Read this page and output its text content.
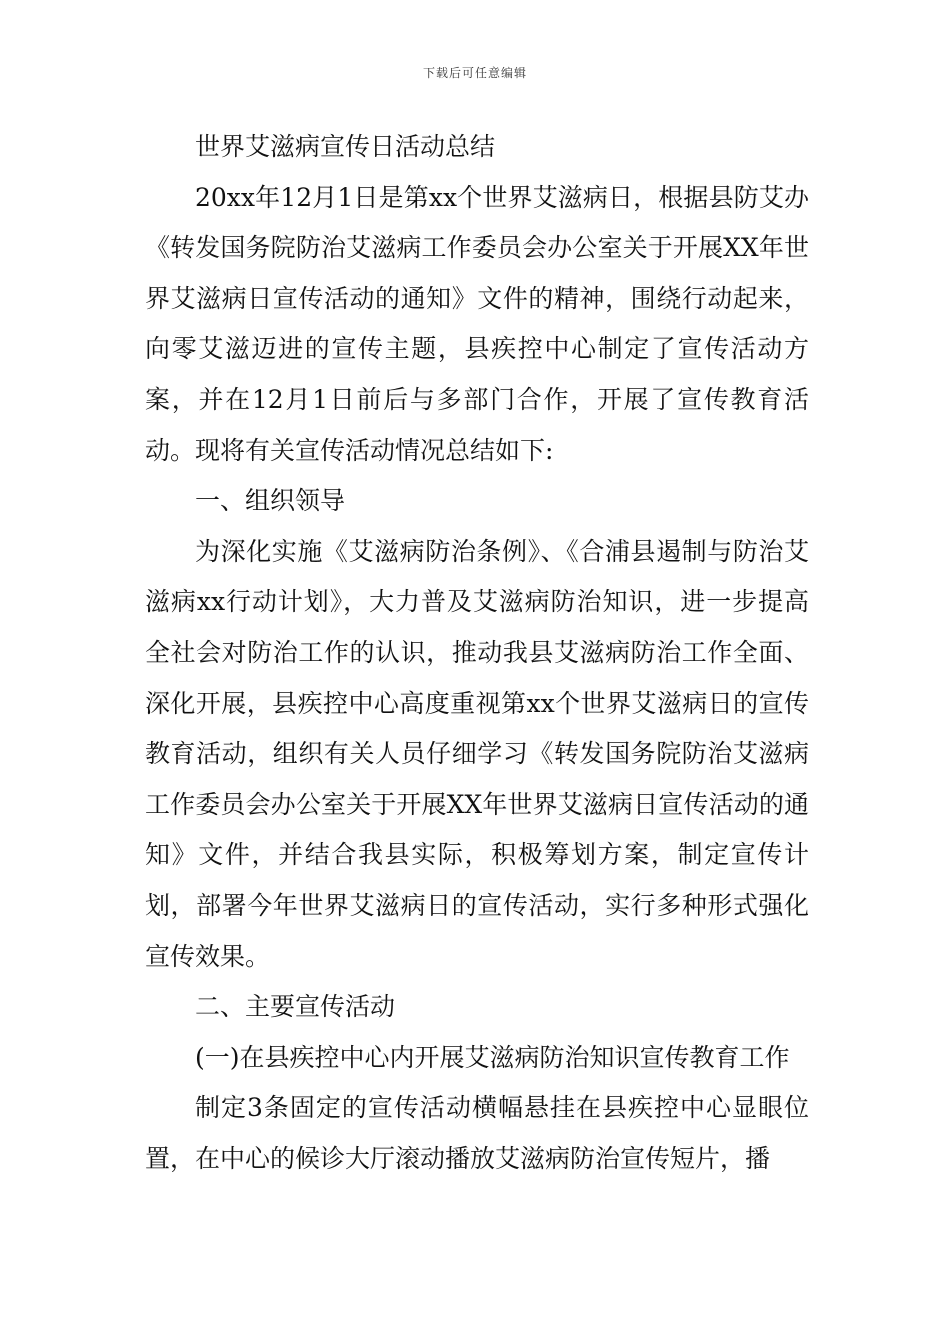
下载后可任意编辑

世界艾滋病宣传日活动总结

20xx年12月1日是第xx个世界艾滋病日，根据县防艾办《转发国务院防治艾滋病工作委员会办公室关于开展XX年世界艾滋病日宣传活动的通知》文件的精神，围绕行动起来，向零艾滋迈进的宣传主题，县疾控中心制定了宣传活动方案，并在12月1日前后与多部门合作，开展了宣传教育活动。现将有关宣传活动情况总结如下:

一、组织领导

为深化实施《艾滋病防治条例》、《合浦县遏制与防治艾滋病xx行动计划》，大力普及艾滋病防治知识，进一步提高全社会对防治工作的认识，推动我县艾滋病防治工作全面、深化开展，县疾控中心高度重视第xx个世界艾滋病日的宣传教育活动，组织有关人员仔细学习《转发国务院防治艾滋病工作委员会办公室关于开展XX年世界艾滋病日宣传活动的通知》文件，并结合我县实际，积极筹划方案，制定宣传计划，部署今年世界艾滋病日的宣传活动，实行多种形式强化宣传效果。

二、主要宣传活动

(一)在县疾控中心内开展艾滋病防治知识宣传教育工作

制定3条固定的宣传活动横幅悬挂在县疾控中心显眼位置，在中心的候诊大厅滚动播放艾滋病防治宣传短片，播
